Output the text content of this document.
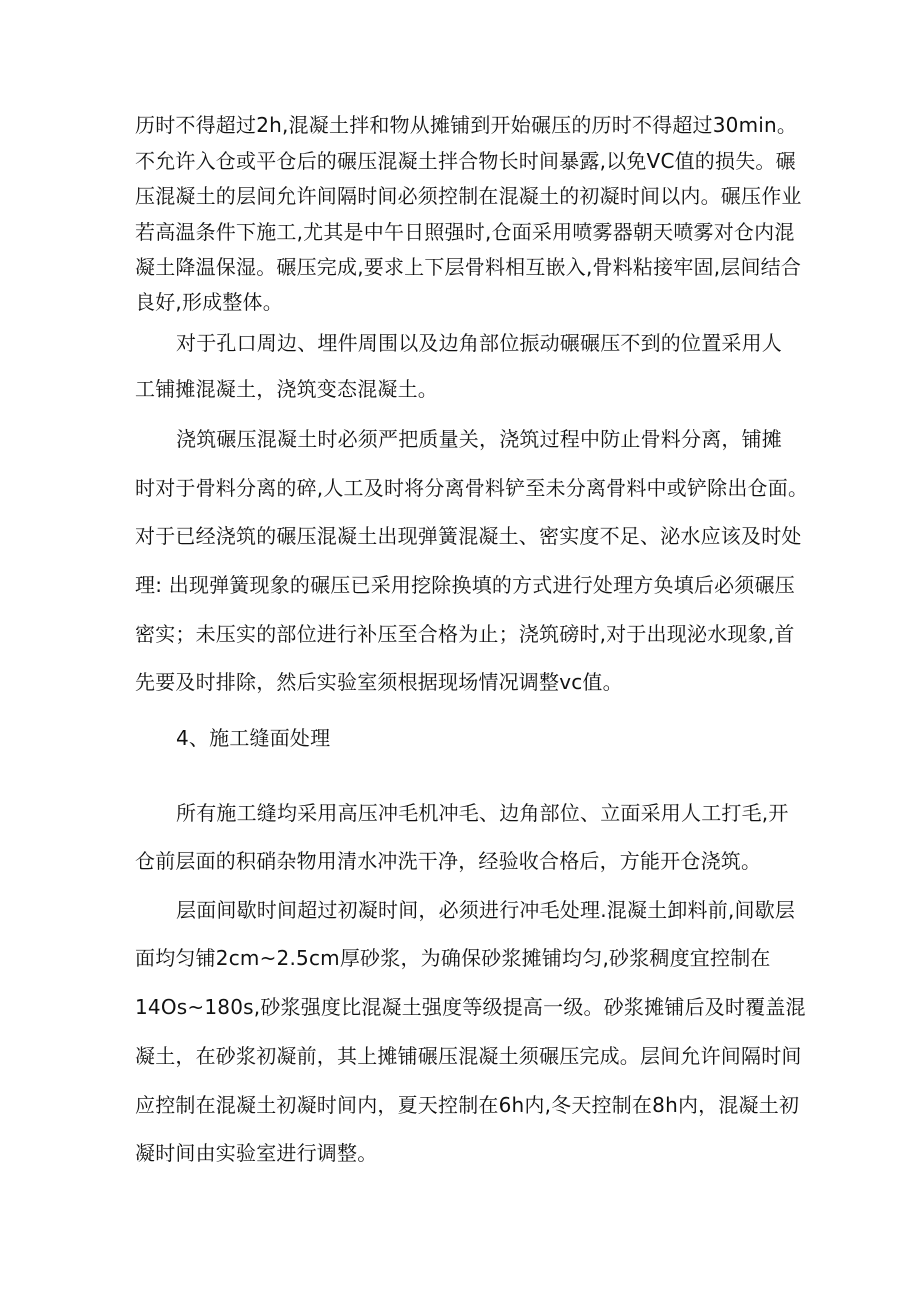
历时不得超过2h,混凝土拌和物从摊铺到开始碾压的历时不得超过30min。
不允许入仓或平仓后的碾压混凝土拌合物长时间暴露,以免VC值的损失。碾
压混凝土的层间允许间隔时间必须控制在混凝土的初凝时间以内。碾压作业
若高温条件下施工,尤其是中午日照强时,仓面采用喷雾器朝天喷雾对仓内混
凝土降温保湿。碾压完成,要求上下层骨料相互嵌入,骨料粘接牢固,层间结合
良好,形成整体。
对于孔口周边、埋件周围以及边角部位振动碾碾压不到的位置采用人
工铺摊混凝土，浇筑变态混凝土。
浇筑碾压混凝土时必须严把质量关，浇筑过程中防止骨料分离，铺摊
时对于骨料分离的碎,人工及时将分离骨料铲至未分离骨料中或铲除出仓面。
对于已经浇筑的碾压混凝土出现弹簧混凝土、密实度不足、泌水应该及时处
理: 出现弹簧现象的碾压已采用挖除换填的方式进行处理方奂填后必须碾压
密实；未压实的部位进行补压至合格为止；浇筑磅时,对于出现泌水现象,首
先要及时排除，然后实验室须根据现场情况调整vc值。
4、施工缝面处理
所有施工缝均采用高压冲毛机冲毛、边角部位、立面采用人工打毛,开
仓前层面的积硝杂物用清水冲洗干净，经验收合格后，方能开仓浇筑。
层面间歇时间超过初凝时间，必须进行冲毛处理.混凝土卸料前,间歇层
面均匀铺2cm~2.5cm厚砂浆，为确保砂浆摊铺均匀,砂浆稠度宜控制在
14Os~180s,砂浆强度比混凝土强度等级提高一级。砂浆摊铺后及时覆盖混
凝土，在砂浆初凝前，其上摊铺碾压混凝土须碾压完成。层间允许间隔时间
应控制在混凝土初凝时间内，夏天控制在6h内,冬天控制在8h内，混凝土初
凝时间由实验室进行调整。
